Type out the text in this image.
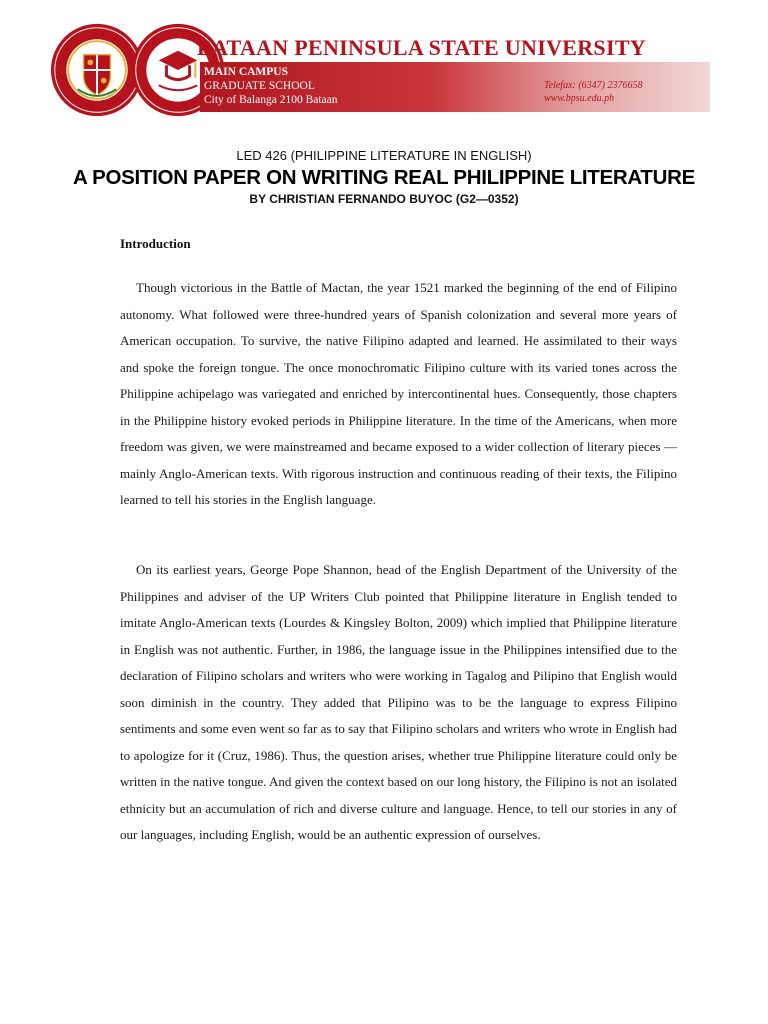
BATAAN PENINSULA STATE UNIVERSITY
MAIN CAMPUS
GRADUATE SCHOOL
City of Balanga 2100 Bataan
Telefax: (6347) 2376658
www.bpsu.edu.ph
LED 426 (PHILIPPINE LITERATURE IN ENGLISH)
A POSITION PAPER ON WRITING REAL PHILIPPINE LITERATURE
BY CHRISTIAN FERNANDO BUYOC (G2—0352)
Introduction

Though victorious in the Battle of Mactan, the year 1521 marked the beginning of the end of Filipino autonomy. What followed were three-hundred years of Spanish colonization and several more years of American occupation. To survive, the native Filipino adapted and learned. He assimilated to their ways and spoke the foreign tongue. The once monochromatic Filipino culture with its varied tones across the Philippine achipelago was variegated and enriched by intercontinental hues. Consequently, those chapters in the Philippine history evoked periods in Philippine literature. In the time of the Americans, when more freedom was given, we were mainstreamed and became exposed to a wider collection of literary pieces — mainly Anglo-American texts. With rigorous instruction and continuous reading of their texts, the Filipino learned to tell his stories in the English language.

On its earliest years, George Pope Shannon, head of the English Department of the University of the Philippines and adviser of the UP Writers Club pointed that Philippine literature in English tended to imitate Anglo-American texts (Lourdes & Kingsley Bolton, 2009) which implied that Philippine literature in English was not authentic. Further, in 1986, the language issue in the Philippines intensified due to the declaration of Filipino scholars and writers who were working in Tagalog and Pilipino that English would soon diminish in the country. They added that Pilipino was to be the language to express Filipino sentiments and some even went so far as to say that Filipino scholars and writers who wrote in English had to apologize for it (Cruz, 1986). Thus, the question arises, whether true Philippine literature could only be written in the native tongue. And given the context based on our long history, the Filipino is not an isolated ethnicity but an accumulation of rich and diverse culture and language. Hence, to tell our stories in any of our languages, including English, would be an authentic expression of ourselves.
